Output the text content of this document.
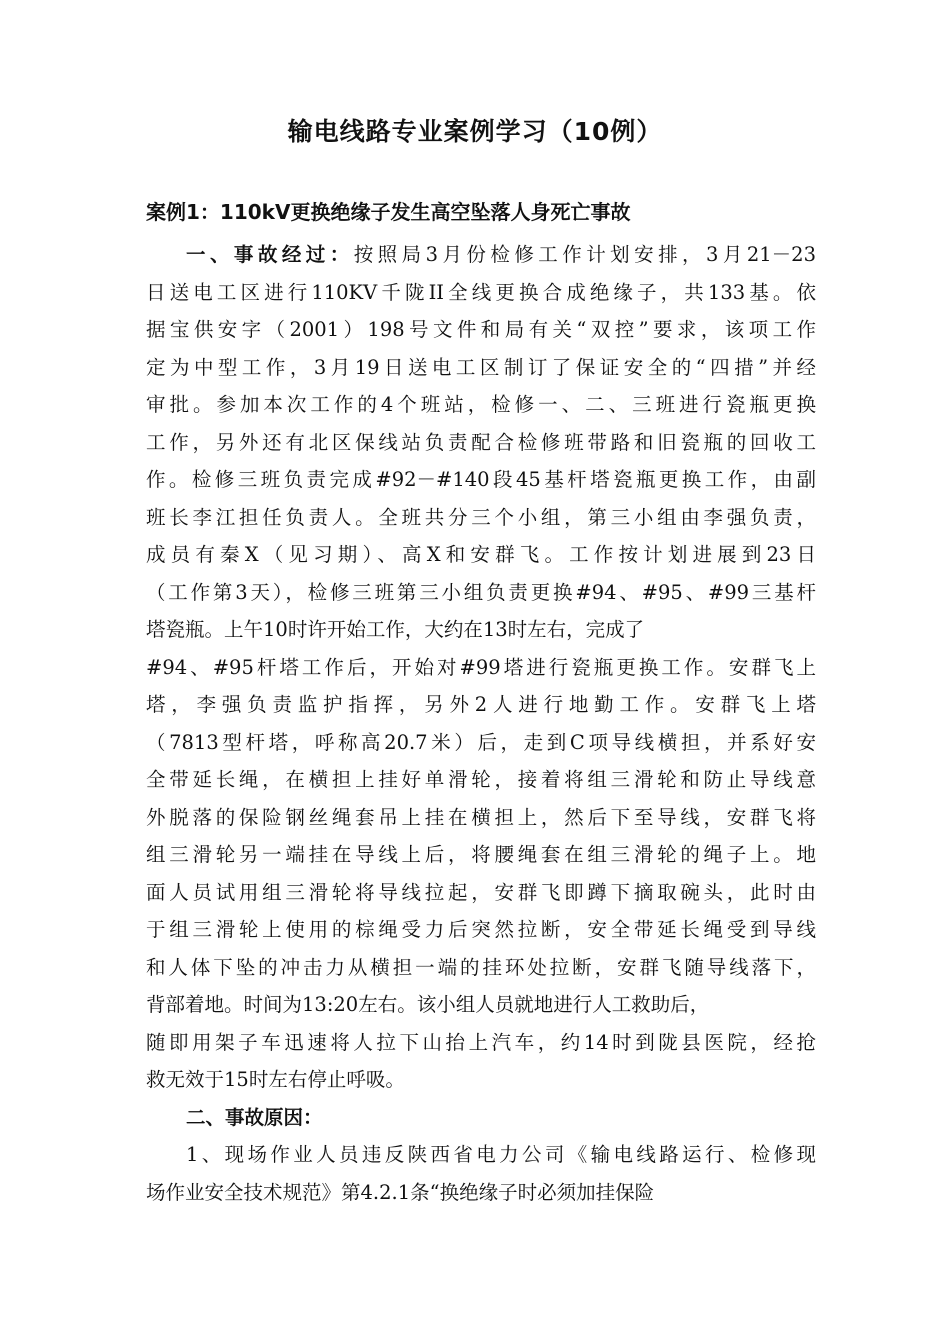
输电线路专业案例学习（10例）
案例1：110kV更换绝缘子发生高空坠落人身死亡事故
一、事故经过：按照局3月份检修工作计划安排，3月21－23
日送电工区进行110KV千陇II全线更换合成绝缘子，共133基。依
据宝供安字（2001）198号文件和局有关“双控”要求，该项工作
定为中型工作，3月19日送电工区制订了保证安全的“四措”并经
审批。参加本次工作的4个班站，检修一、二、三班进行瓷瓶更换
工作，另外还有北区保线站负责配合检修班带路和旧瓷瓶的回收工
作。检修三班负责完成#92－#140段45基杆塔瓷瓶更换工作，由副
班长李江担任负责人。全班共分三个小组，第三小组由李强负责，
成员有秦X（见习期）、高X和安群飞。工作按计划进展到23日
（工作第3天），检修三班第三小组负责更换#94、#95、#99三基杆
塔瓷瓶。上午10时许开始工作，大约在13时左右，完成了
#94、#95杆塔工作后，开始对#99塔进行瓷瓶更换工作。安群飞上
塔，李强负责监护指挥，另外2人进行地勤工作。安群飞上塔
（7813型杆塔，呼称高20.7米）后，走到C项导线横担，并系好安
全带延长绳，在横担上挂好单滑轮，接着将组三滑轮和防止导线意
外脱落的保险钢丝绳套吊上挂在横担上，然后下至导线，安群飞将
组三滑轮另一端挂在导线上后，将腰绳套在组三滑轮的绳子上。地
面人员试用组三滑轮将导线拉起，安群飞即蹲下摘取碗头，此时由
于组三滑轮上使用的棕绳受力后突然拉断，安全带延长绳受到导线
和人体下坠的冲击力从横担一端的挂环处拉断，安群飞随导线落下，
背部着地。时间为13:20左右。该小组人员就地进行人工救助后，
随即用架子车迅速将人拉下山抬上汽车，约14时到陇县医院，经抢
救无效于15时左右停止呼吸。
二、事故原因：
1、现场作业人员违反陕西省电力公司《输电线路运行、检修现
场作业安全技术规范》第4.2.1条“换绝缘子时必须加挂保险
